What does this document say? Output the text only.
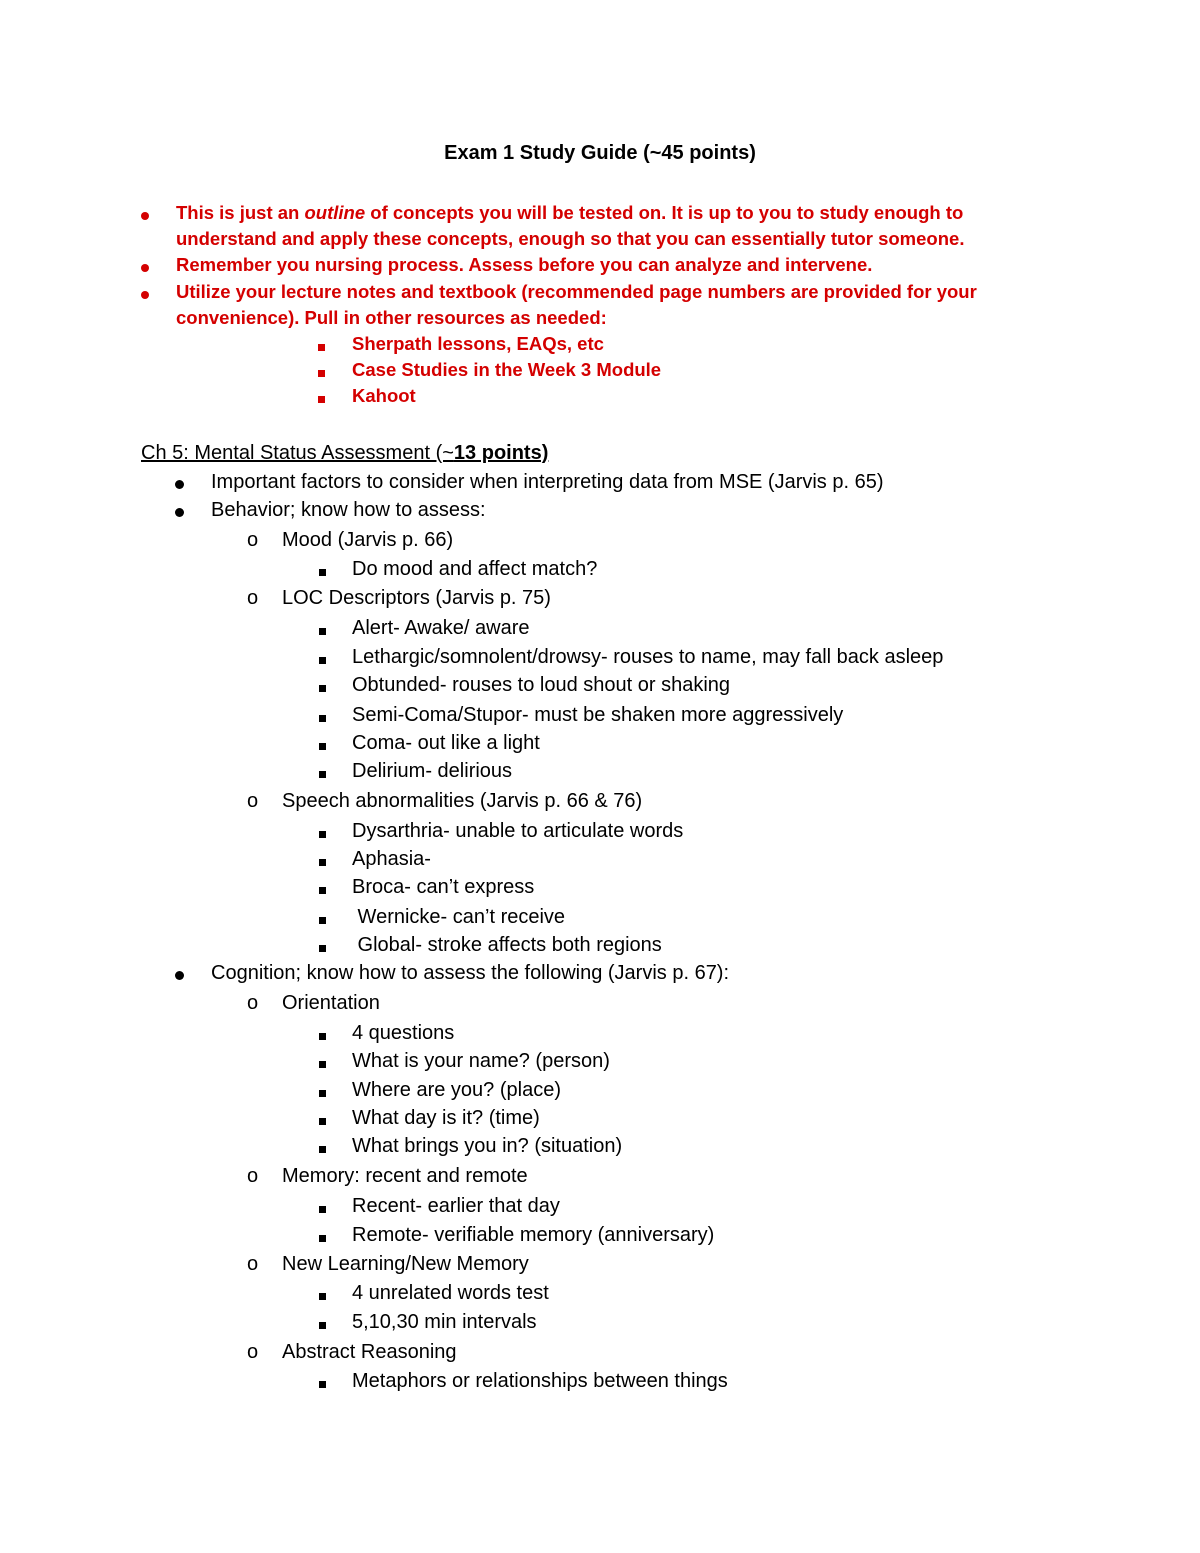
Exam 1 Study Guide (~45 points)
This is just an outline of concepts you will be tested on. It is up to you to study enough to
understand and apply these concepts, enough so that you can essentially tutor someone.
Remember you nursing process. Assess before you can analyze and intervene.
Utilize your lecture notes and textbook (recommended page numbers are provided for your
convenience). Pull in other resources as needed:
Sherpath lessons, EAQs, etc
Case Studies in the Week 3 Module
Kahoot
Ch 5: Mental Status Assessment (~13 points)
Important factors to consider when interpreting data from MSE (Jarvis p. 65)
Behavior; know how to assess:
o Mood (Jarvis p. 66)
Do mood and affect match?
o LOC Descriptors (Jarvis p. 75)
Alert- Awake/ aware
Lethargic/somnolent/drowsy- rouses to name, may fall back asleep
Obtunded- rouses to loud shout or shaking
Semi-Coma/Stupor- must be shaken more aggressively
Coma- out like a light
Delirium- delirious
o Speech abnormalities (Jarvis p. 66 & 76)
Dysarthria- unable to articulate words
Aphasia-
Broca- can’t express
Wernicke- can’t receive
Global- stroke affects both regions
Cognition; know how to assess the following (Jarvis p. 67):
o Orientation
4 questions
What is your name? (person)
Where are you? (place)
What day is it? (time)
What brings you in? (situation)
o Memory: recent and remote
Recent- earlier that day
Remote- verifiable memory (anniversary)
o New Learning/New Memory
4 unrelated words test
5,10,30 min intervals
o Abstract Reasoning
Metaphors or relationships between things
